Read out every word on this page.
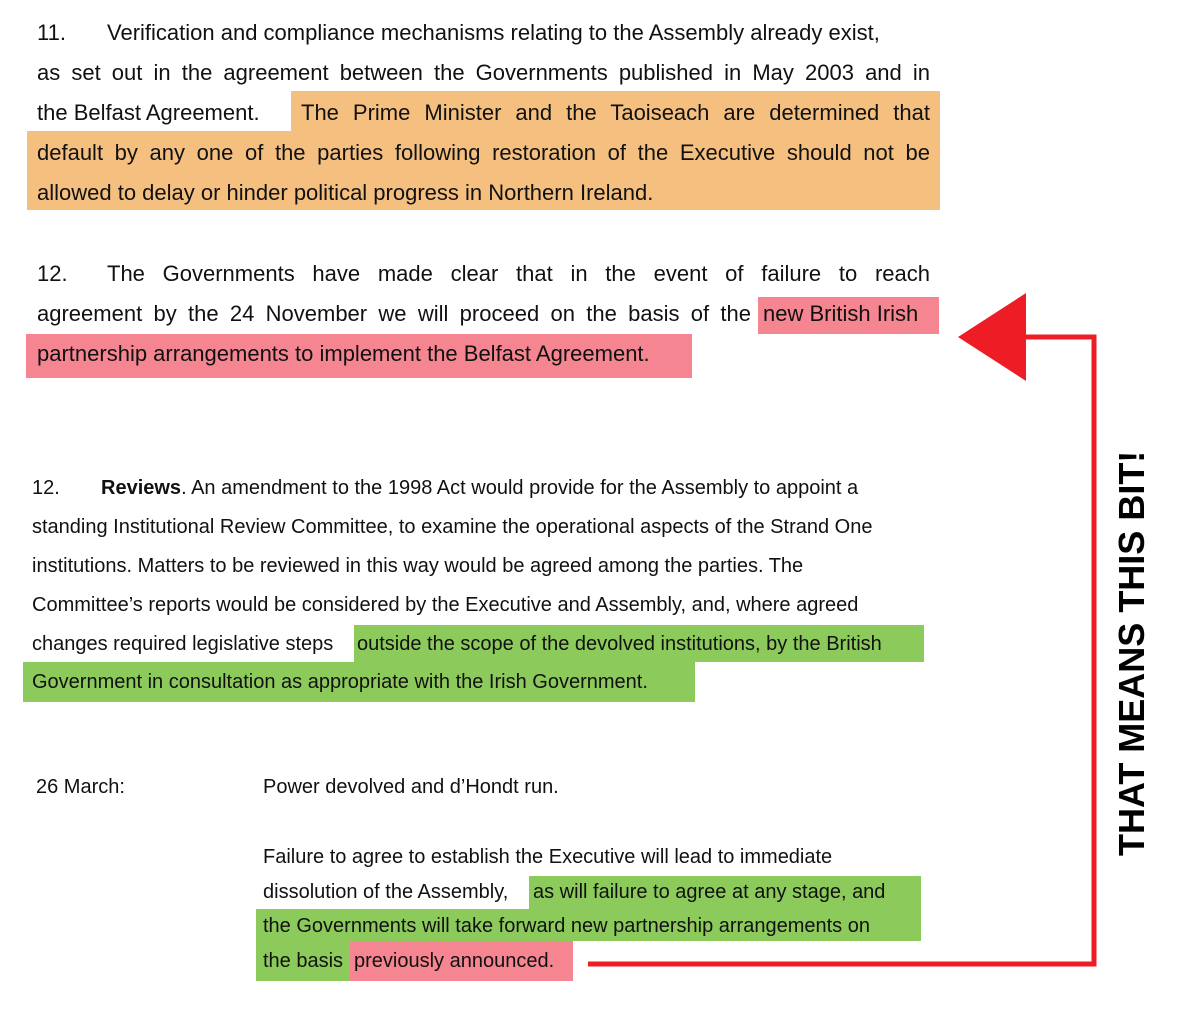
11. Verification and compliance mechanisms relating to the Assembly already exist,
as set out in the agreement between the Governments published in May 2003 and in
the Belfast Agreement. The Prime Minister and the Taoiseach are determined that
default by any one of the parties following restoration of the Executive should not be
allowed to delay or hinder political progress in Northern Ireland.
12. The Governments have made clear that in the event of failure to reach
agreement by the 24 November we will proceed on the basis of the new British Irish
partnership arrangements to implement the Belfast Agreement.
12. Reviews. An amendment to the 1998 Act would provide for the Assembly to appoint a
standing Institutional Review Committee, to examine the operational aspects of the Strand One
institutions. Matters to be reviewed in this way would be agreed among the parties. The
Committee’s reports would be considered by the Executive and Assembly, and, where agreed
changes required legislative steps outside the scope of the devolved institutions, by the British
Government in consultation as appropriate with the Irish Government.
26 March:	Power devolved and d’Hondt run.
Failure to agree to establish the Executive will lead to immediate
dissolution of the Assembly, as will failure to agree at any stage, and
the Governments will take forward new partnership arrangements on
the basis previously announced.
THAT MEANS THIS BIT!
